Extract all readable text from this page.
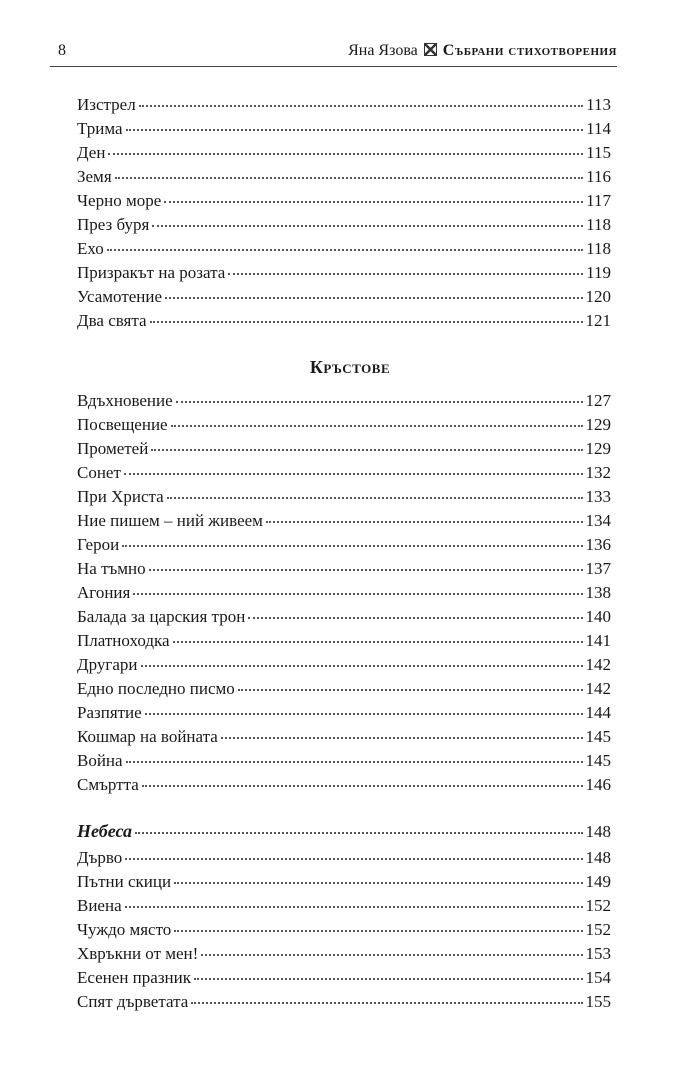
8	Яна Язова Събрани стихотворения
Изстрел	113
Трима	114
Ден	115
Земя	116
Черно море	117
През буря	118
Ехо	118
Призракът на розата	119
Усамотение	120
Два свята	121
Кръстове
Вдъхновение	127
Посвещение	129
Прометей	129
Сонет	132
При Христа	133
Ние пишем – ний живеем	134
Герои	136
На тъмно	137
Агония	138
Балада за царския трон	140
Платноходка	141
Другари	142
Едно последно писмо	142
Разпятие	144
Кошмар на войната	145
Война	145
Смъртта	146
Небеса	148
Дърво	148
Пътни скици	149
Виена	152
Чуждо място	152
Хвръкни от мен!	153
Есенен празник	154
Спят дърветата	155
